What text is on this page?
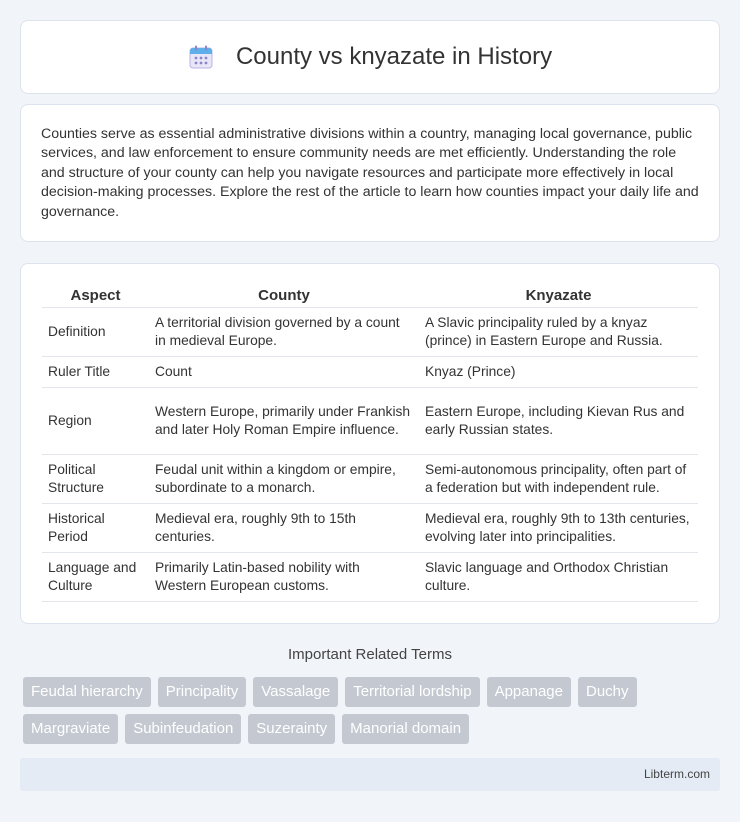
County vs knyazate in History

Counties serve as essential administrative divisions within a country, managing local governance, public services, and law enforcement to ensure community needs are met efficiently. Understanding the role and structure of your county can help you navigate resources and participate more effectively in local decision-making processes. Explore the rest of the article to learn how counties impact your daily life and governance.

Aspect	County	Knyazate
Definition	A territorial division governed by a count in medieval Europe.	A Slavic principality ruled by a knyaz (prince) in Eastern Europe and Russia.
Ruler Title	Count	Knyaz (Prince)
Region	Western Europe, primarily under Frankish and later Holy Roman Empire influence.	Eastern Europe, including Kievan Rus and early Russian states.
Political Structure	Feudal unit within a kingdom or empire, subordinate to a monarch.	Semi-autonomous principality, often part of a federation but with independent rule.
Historical Period	Medieval era, roughly 9th to 15th centuries.	Medieval era, roughly 9th to 13th centuries, evolving later into principalities.
Language and Culture	Primarily Latin-based nobility with Western European customs.	Slavic language and Orthodox Christian culture.
Important Related Terms
Feudal hierarchy	Principality	Vassalage	Territorial lordship	Appanage	Duchy
Margraviate	Subinfeudation	Suzerainty	Manorial domain
Libterm.com
